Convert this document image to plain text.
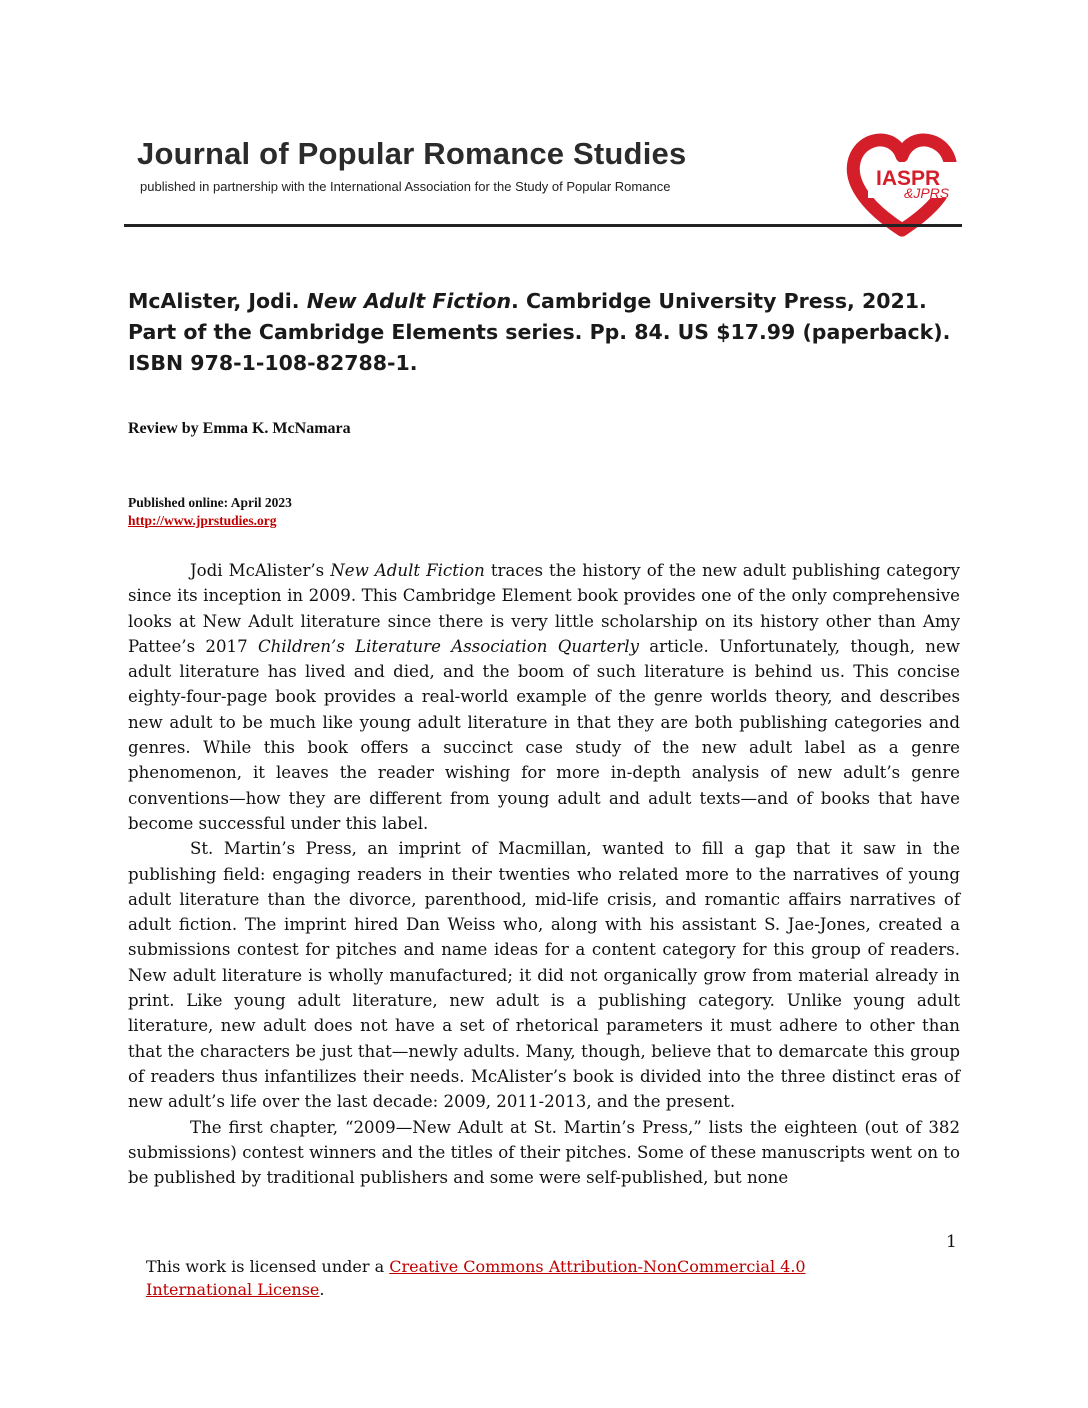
Journal of Popular Romance Studies
published in partnership with the International Association for the Study of Popular Romance	IASPR
&JPRS

McAlister, Jodi. New Adult Fiction. Cambridge University Press, 2021. Part of the Cambridge Elements series. Pp. 84. US $17.99 (paperback). ISBN 978-1-108-82788-1.

Review by Emma K. McNamara
Published online: April 2023
http://www.jprstudies.org

Jodi McAlister’s New Adult Fiction traces the history of the new adult publishing category since its inception in 2009. This Cambridge Element book provides one of the only comprehensive looks at New Adult literature since there is very little scholarship on its history other than Amy Pattee’s 2017 Children’s Literature Association Quarterly article. Unfortunately, though, new adult literature has lived and died, and the boom of such literature is behind us. This concise eighty-four-page book provides a real-world example of the genre worlds theory, and describes new adult to be much like young adult literature in that they are both publishing categories and genres. While this book offers a succinct case study of the new adult label as a genre phenomenon, it leaves the reader wishing for more in-depth analysis of new adult’s genre conventions—how they are different from young adult and adult texts—and of books that have become successful under this label.

St. Martin’s Press, an imprint of Macmillan, wanted to fill a gap that it saw in the publishing field: engaging readers in their twenties who related more to the narratives of young adult literature than the divorce, parenthood, mid-life crisis, and romantic affairs narratives of adult fiction. The imprint hired Dan Weiss who, along with his assistant S. Jae-Jones, created a submissions contest for pitches and name ideas for a content category for this group of readers. New adult literature is wholly manufactured; it did not organically grow from material already in print. Like young adult literature, new adult is a publishing category. Unlike young adult literature, new adult does not have a set of rhetorical parameters it must adhere to other than that the characters be just that—newly adults. Many, though, believe that to demarcate this group of readers thus infantilizes their needs. McAlister’s book is divided into the three distinct eras of new adult’s life over the last decade: 2009, 2011-2013, and the present.

The first chapter, “2009—New Adult at St. Martin’s Press,” lists the eighteen (out of 382 submissions) contest winners and the titles of their pitches. Some of these manuscripts went on to be published by traditional publishers and some were self-published, but none

1
This work is licensed under a Creative Commons Attribution-NonCommercial 4.0 International License.
